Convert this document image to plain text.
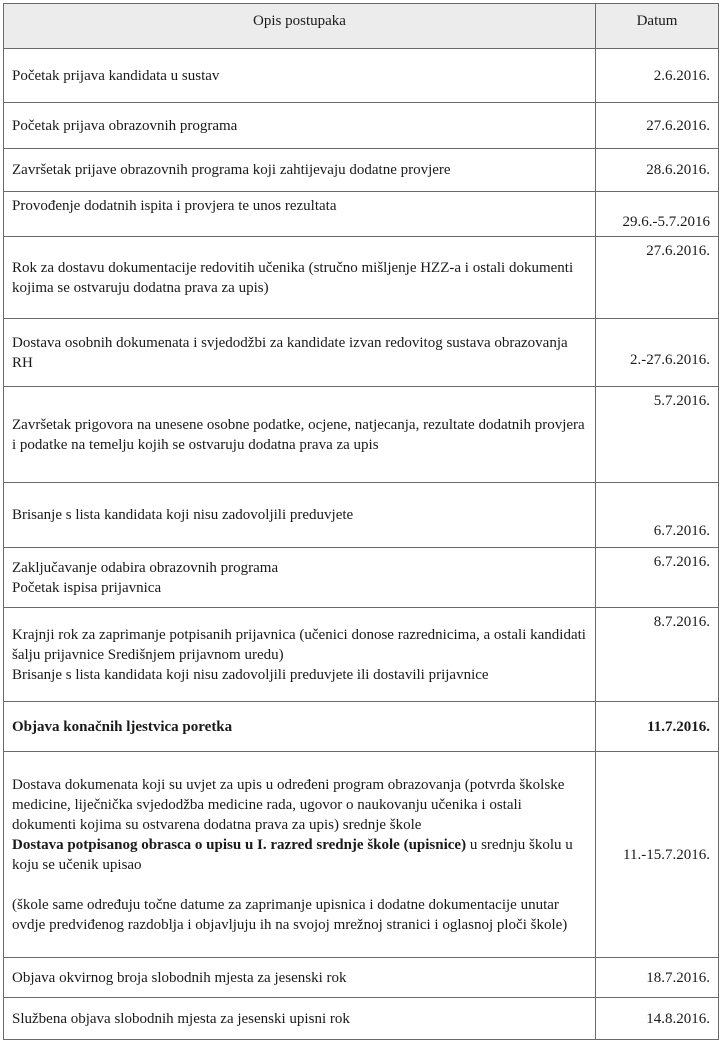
Opis postupaka	Datum
Početak prijava kandidata u sustav	2.6.2016.
Početak prijava obrazovnih programa	27.6.2016.
Završetak prijave obrazovnih programa koji zahtijevaju dodatne provjere	28.6.2016.
Provođenje dodatnih ispita i provjera te unos rezultata	29.6.-5.7.2016
Rok za dostavu dokumentacije redovitih učenika (stručno mišljenje HZZ-a i ostali dokumenti kojima se ostvaruju dodatna prava za upis)	27.6.2016.
Dostava osobnih dokumenata i svjedodžbi za kandidate izvan redovitog sustava obrazovanja RH	2.-27.6.2016.
Završetak prigovora na unesene osobne podatke, ocjene, natjecanja, rezultate dodatnih provjera i podatke na temelju kojih se ostvaruju dodatna prava za upis	5.7.2016.
Brisanje s lista kandidata koji nisu zadovoljili preduvjete	6.7.2016.

Zaključavanje odabira obrazovnih programa
Početak ispisa prijavnica	6.7.2016.

Krajnji rok za zaprimanje potpisanih prijavnica (učenici donose razrednicima, a ostali kandidati šalju prijavnice Središnjem prijavnom uredu)
Brisanje s lista kandidata koji nisu zadovoljili preduvjete ili dostavili prijavnice	8.7.2016.
Objava konačnih ljestvica poretka	11.7.2016.

Dostava dokumenata koji su uvjet za upis u određeni program obrazovanja (potvrda školske medicine, liječnička svjedodžba medicine rada, ugovor o naukovanju učenika i ostali dokumenti kojima su ostvarena dodatna prava za upis) srednje škole
Dostava potpisanog obrasca o upisu u I. razred srednje škole (upisnice) u srednju školu u koju se učenik upisao
(škole same određuju točne datume za zaprimanje upisnica i dodatne dokumentacije unutar ovdje predviđenog razdoblja i objavljuju ih na svojoj mrežnoj stranici i oglasnoj ploči škole)	11.-15.7.2016.
Objava okvirnog broja slobodnih mjesta za jesenski rok	18.7.2016.
Službena objava slobodnih mjesta za jesenski upisni rok	14.8.2016.
